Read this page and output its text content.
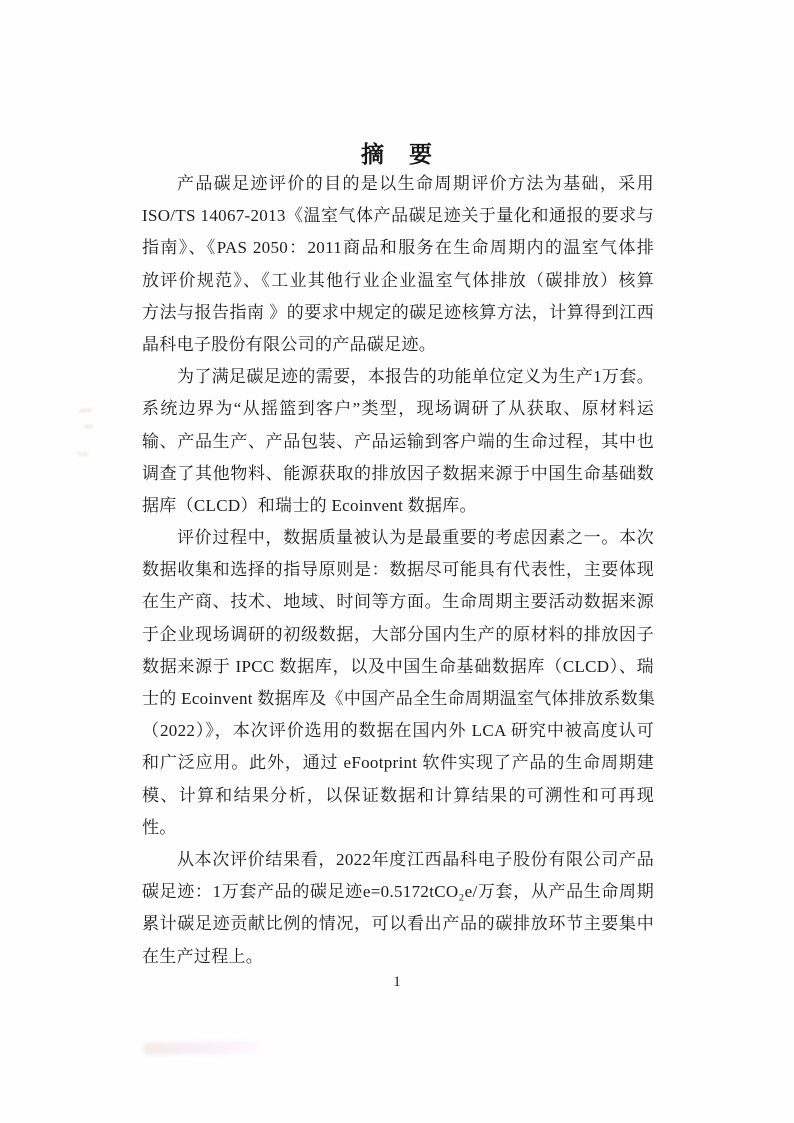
摘　要
产品碳足迹评价的目的是以生命周期评价方法为基础，采用
ISO/TS 14067-2013《温室气体产品碳足迹关于量化和通报的要求与
指南》、《PAS 2050：2011商品和服务在生命周期内的温室气体排
放评价规范》、《工业其他行业企业温室气体排放（碳排放）核算
方法与报告指南 》的要求中规定的碳足迹核算方法，计算得到江西
晶科电子股份有限公司的产品碳足迹。
为了满足碳足迹的需要，本报告的功能单位定义为生产1万套。
系统边界为“从摇篮到客户”类型，现场调研了从获取、原材料运
输、产品生产、产品包装、产品运输到客户端的生命过程，其中也
调查了其他物料、能源获取的排放因子数据来源于中国生命基础数
据库（CLCD）和瑞士的 Ecoinvent 数据库。
评价过程中，数据质量被认为是最重要的考虑因素之一。本次
数据收集和选择的指导原则是：数据尽可能具有代表性，主要体现
在生产商、技术、地域、时间等方面。生命周期主要活动数据来源
于企业现场调研的初级数据，大部分国内生产的原材料的排放因子
数据来源于 IPCC 数据库，以及中国生命基础数据库（CLCD）、瑞
士的 Ecoinvent 数据库及《中国产品全生命周期温室气体排放系数集
（2022）》，本次评价选用的数据在国内外 LCA 研究中被高度认可
和广泛应用。此外，通过 eFootprint 软件实现了产品的生命周期建
模、计算和结果分析，以保证数据和计算结果的可溯性和可再现
性。
从本次评价结果看，2022年度江西晶科电子股份有限公司产品
碳足迹：1万套产品的碳足迹e=0.5172tCO₂e/万套，从产品生命周期
累计碳足迹贡献比例的情况，可以看出产品的碳排放环节主要集中
在生产过程上。
1
